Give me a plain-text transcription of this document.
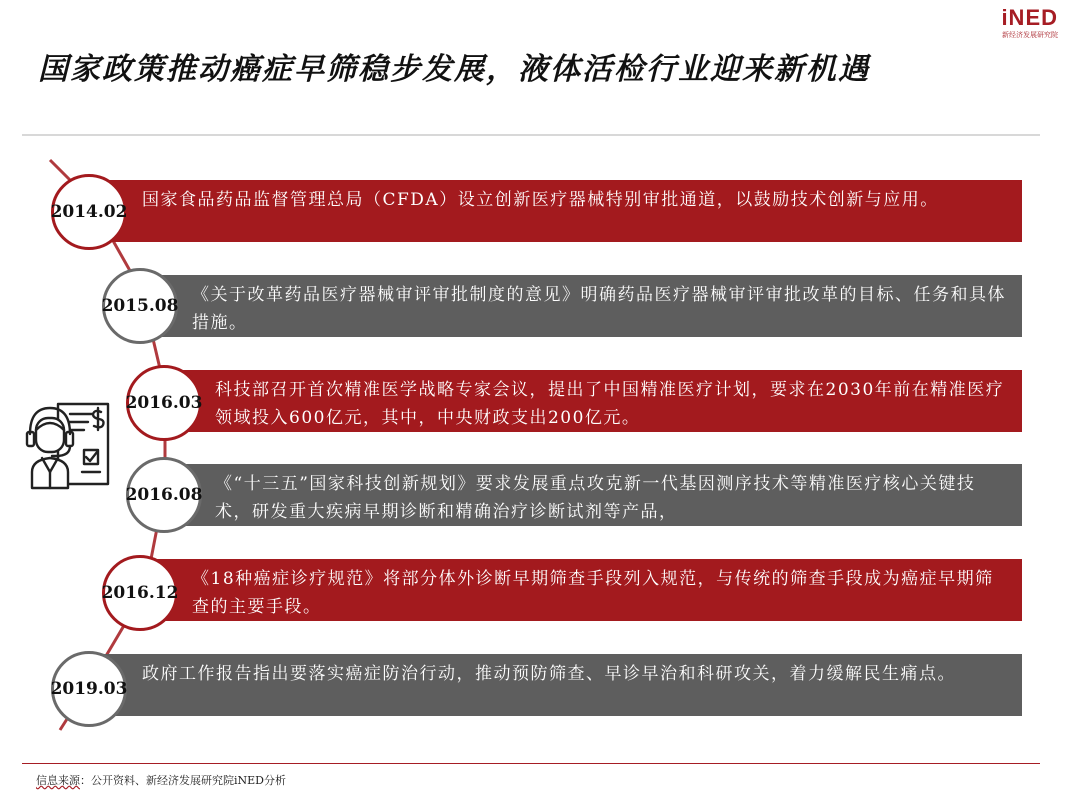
iNED
新经济发展研究院
国家政策推动癌症早筛稳步发展，液体活检行业迎来新机遇
国家食品药品监督管理总局（CFDA）设立创新医疗器械特别审批通道，以鼓励技术创新与应用。
《关于改革药品医疗器械审评审批制度的意见》明确药品医疗器械审评审批改革的目标、任务和具体措施。
科技部召开首次精准医学战略专家会议，提出了中国精准医疗计划，要求在2030年前在精准医疗领域投入600亿元，其中，中央财政支出200亿元。
《“十三五”国家科技创新规划》要求发展重点攻克新一代基因测序技术等精准医疗核心关键技术，研发重大疾病早期诊断和精确治疗诊断试剂等产品，
《18种癌症诊疗规范》将部分体外诊断早期筛查手段列入规范，与传统的筛查手段成为癌症早期筛查的主要手段。
政府工作报告指出要落实癌症防治行动，推动预防筛查、早诊早治和科研攻关，着力缓解民生痛点。
2014.02
2015.08
2016.03
2016.08
2016.12
2019.03
信息来源：公开资料、新经济发展研究院iNED分析
